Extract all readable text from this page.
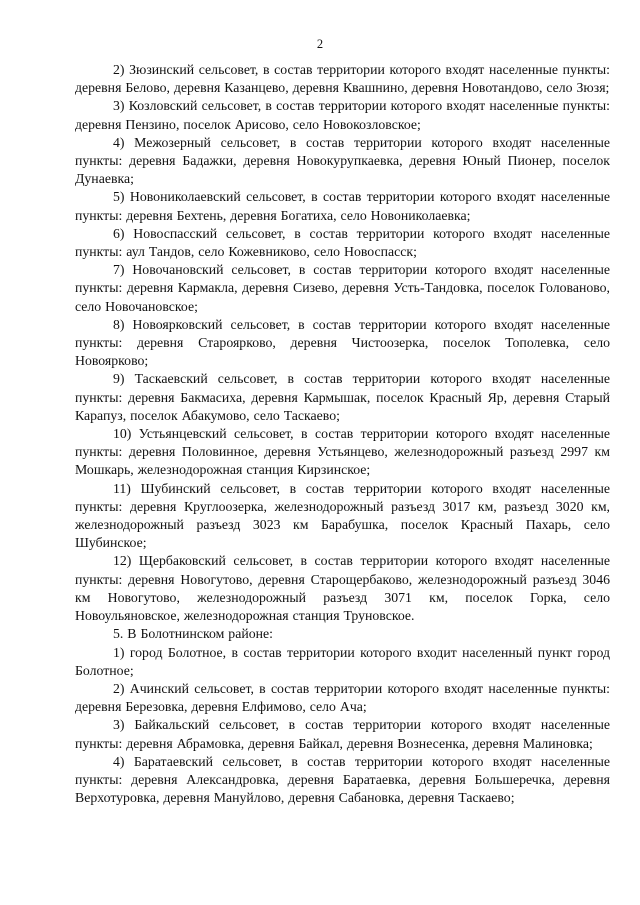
2

2) Зюзинский сельсовет, в состав территории которого входят населенные пункты: деревня Белово, деревня Казанцево, деревня Квашнино, деревня Новотандово, село Зюзя;

3) Козловский сельсовет, в состав территории которого входят населенные пункты: деревня Пензино, поселок Арисово, село Новокозловское;

4) Межозерный сельсовет, в состав территории которого входят населенные пункты: деревня Бадажки, деревня Новокурупкаевка, деревня Юный Пионер, поселок Дунаевка;

5) Новониколаевский сельсовет, в состав территории которого входят населенные пункты: деревня Бехтень, деревня Богатиха, село Новониколаевка;

6) Новоспасский сельсовет, в состав территории которого входят населенные пункты: аул Тандов, село Кожевниково, село Новоспасск;

7) Новочановский сельсовет, в состав территории которого входят населенные пункты: деревня Кармакла, деревня Сизево, деревня Усть-Тандовка, поселок Голованово, село Новочановское;

8) Новоярковский сельсовет, в состав территории которого входят населенные пункты: деревня Староярково, деревня Чистоозерка, поселок Тополевка, село Новоярково;

9) Таскаевский сельсовет, в состав территории которого входят населенные пункты: деревня Бакмасиха, деревня Кармышак, поселок Красный Яр, деревня Старый Карапуз, поселок Абакумово, село Таскаево;

10) Устьянцевский сельсовет, в состав территории которого входят населенные пункты: деревня Половинное, деревня Устьянцево, железнодорожный разъезд 2997 км Мошкарь, железнодорожная станция Кирзинское;

11) Шубинский сельсовет, в состав территории которого входят населенные пункты: деревня Круглоозерка, железнодорожный разъезд 3017 км, разъезд 3020 км, железнодорожный разъезд 3023 км Барабушка, поселок Красный Пахарь, село Шубинское;

12) Щербаковский сельсовет, в состав территории которого входят населенные пункты: деревня Новогутово, деревня Старощербаково, железнодорожный разъезд 3046 км Новогутово, железнодорожный разъезд 3071 км, поселок Горка, село Новоульяновское, железнодорожная станция Труновское.

5. В Болотнинском районе:

1) город Болотное, в состав территории которого входит населенный пункт город Болотное;

2) Ачинский сельсовет, в состав территории которого входят населенные пункты: деревня Березовка, деревня Елфимово, село Ача;

3) Байкальский сельсовет, в состав территории которого входят населенные пункты: деревня Абрамовка, деревня Байкал, деревня Вознесенка, деревня Малиновка;

4) Баратаевский сельсовет, в состав территории которого входят населенные пункты: деревня Александровка, деревня Баратаевка, деревня Большеречка, деревня Верхотуровка, деревня Мануйлово, деревня Сабановка, деревня Таскаево;
